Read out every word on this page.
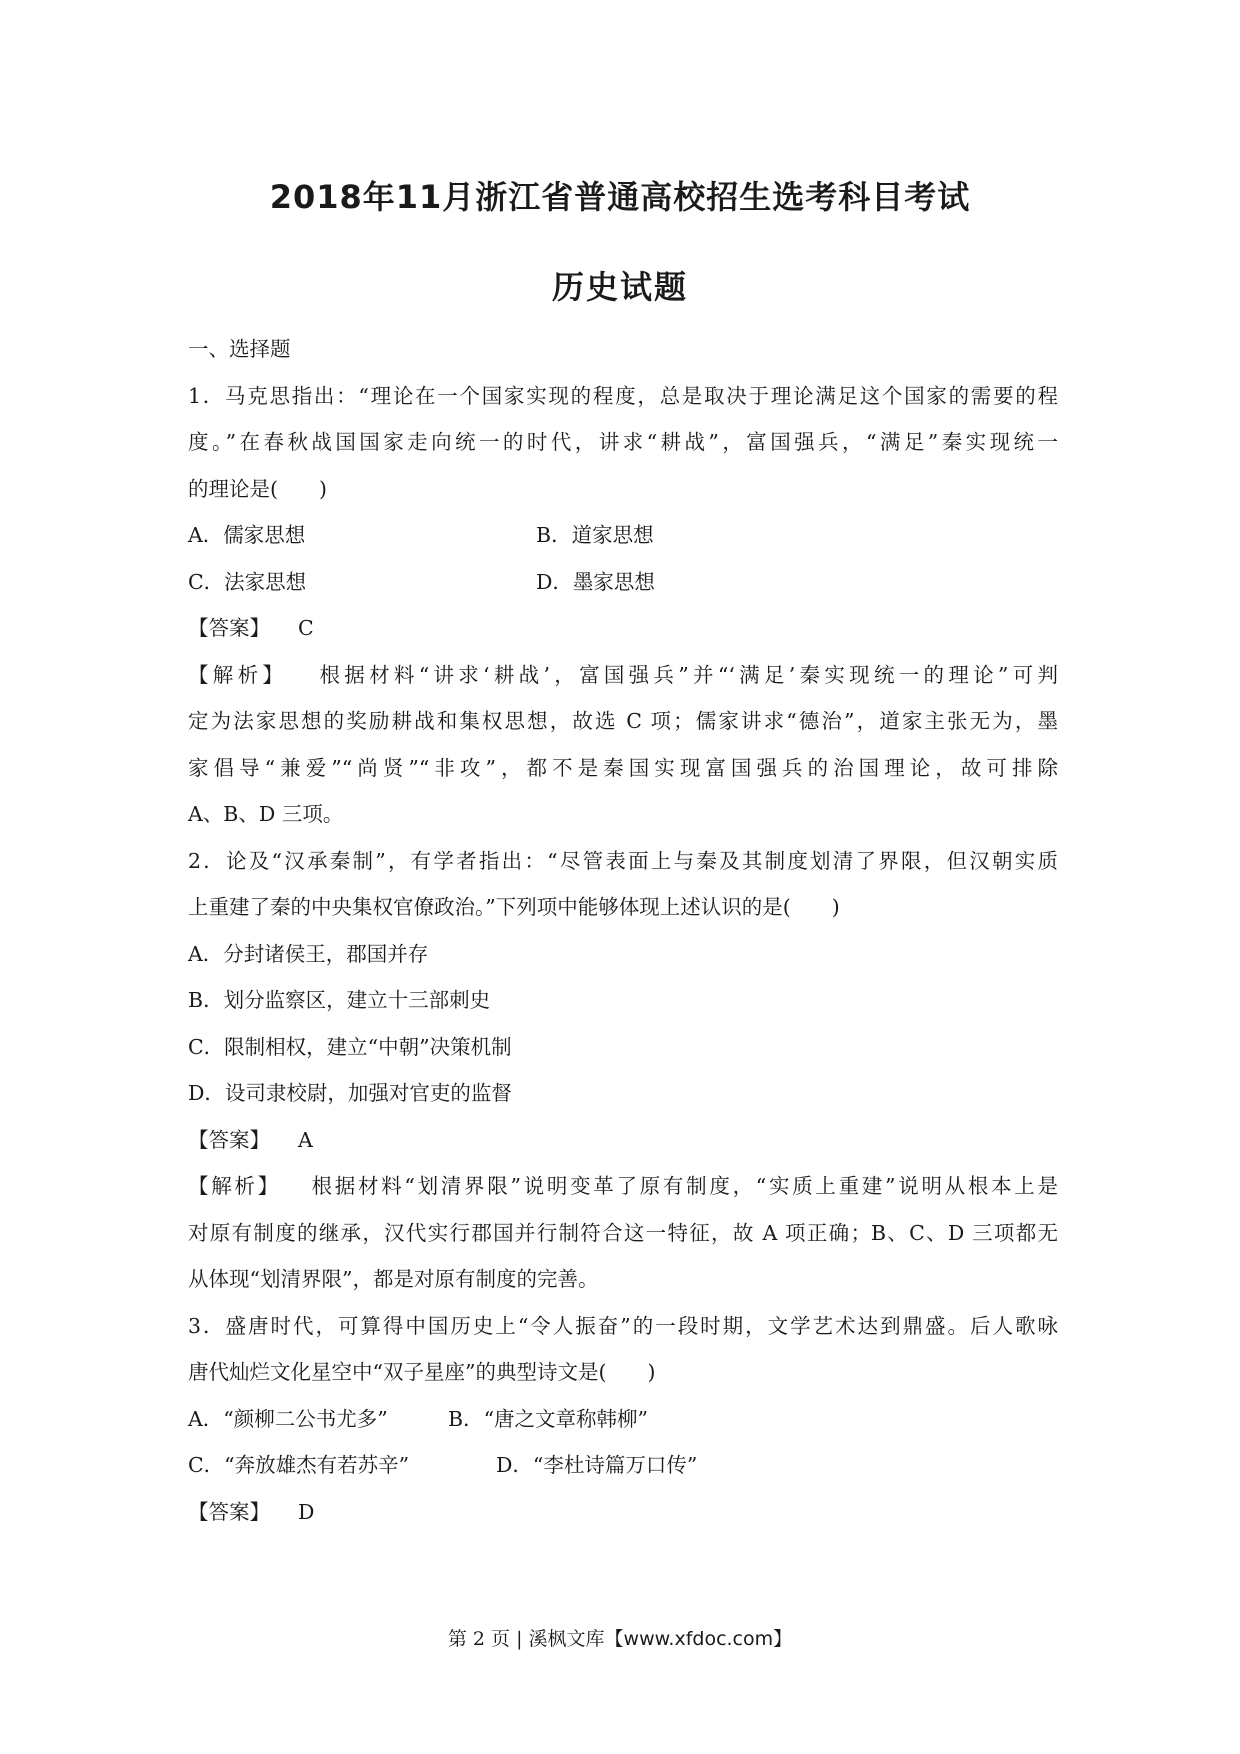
2018年11月浙江省普通高校招生选考科目考试
历史试题
一、选择题
1．马克思指出：“理论在一个国家实现的程度，总是取决于理论满足这个国家的需要的程
度。”在春秋战国国家走向统一的时代，讲求“耕战”，富国强兵，“满足”秦实现统一
的理论是(　　)
A．儒家思想	B．道家思想
C．法家思想	D．墨家思想
【答案】 C
【解析】 根据材料“讲求‘耕战’，富国强兵”并“‘满足’秦实现统一的理论”可判
定为法家思想的奖励耕战和集权思想，故选 C 项；儒家讲求“德治”，道家主张无为，墨
家倡导“兼爱”“尚贤”“非攻”，都不是秦国实现富国强兵的治国理论，故可排除
A、B、D 三项。
2．论及“汉承秦制”，有学者指出：“尽管表面上与秦及其制度划清了界限，但汉朝实质
上重建了秦的中央集权官僚政治。”下列项中能够体现上述认识的是(　　)
A．分封诸侯王，郡国并存
B．划分监察区，建立十三部刺史
C．限制相权，建立“中朝”决策机制
D．设司隶校尉，加强对官吏的监督
【答案】 A
【解析】 根据材料“划清界限”说明变革了原有制度，“实质上重建”说明从根本上是
对原有制度的继承，汉代实行郡国并行制符合这一特征，故 A 项正确；B、C、D 三项都无
从体现“划清界限”，都是对原有制度的完善。
3．盛唐时代，可算得中国历史上“令人振奋”的一段时期，文学艺术达到鼎盛。后人歌咏
唐代灿烂文化星空中“双子星座”的典型诗文是(　　)
A．“颜柳二公书尤多”	B．“唐之文章称韩柳”
C．“奔放雄杰有若苏辛”	D．“李杜诗篇万口传”
【答案】 D
第 2 页 | 溪枫文库【www.xfdoc.com】
